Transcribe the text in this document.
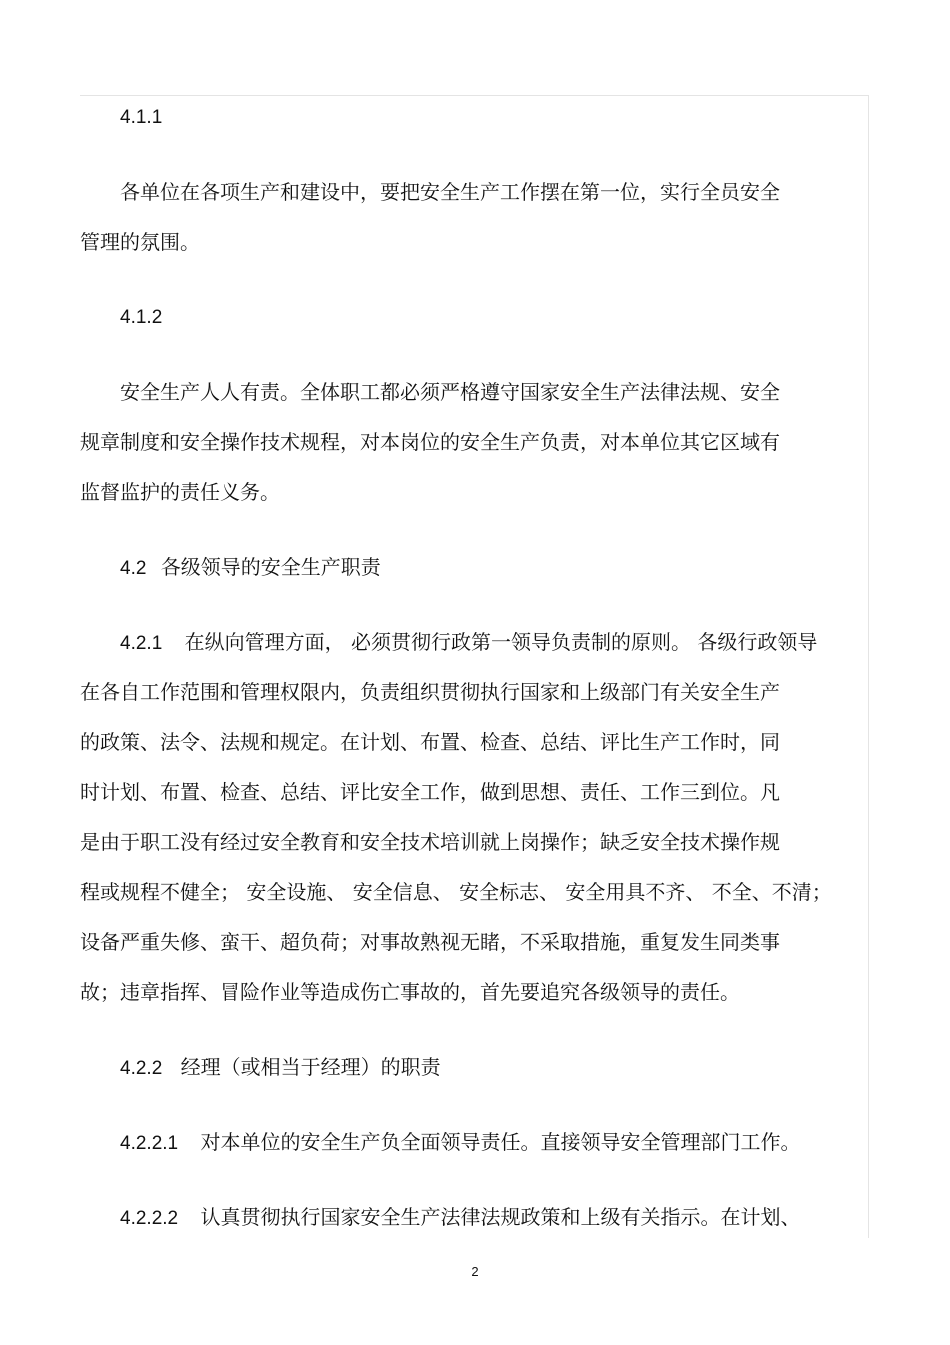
4.1.1
各单位在各项生产和建设中，要把安全生产工作摆在第一位，实行全员安全
管理的氛围。
4.1.2
安全生产人人有责。全体职工都必须严格遵守国家安全生产法律法规、安全
规章制度和安全操作技术规程，对本岗位的安全生产负责，对本单位其它区域有
监督监护的责任义务。
4.2 各级领导的安全生产职责
4.2.1 在纵向管理方面， 必须贯彻行政第一领导负责制的原则。 各级行政领导
在各自工作范围和管理权限内，负责组织贯彻执行国家和上级部门有关安全生产
的政策、法令、法规和规定。在计划、布置、检查、总结、评比生产工作时，同
时计划、布置、检查、总结、评比安全工作，做到思想、责任、工作三到位。凡
是由于职工没有经过安全教育和安全技术培训就上岗操作；缺乏安全技术操作规
程或规程不健全； 安全设施、 安全信息、 安全标志、 安全用具不齐、 不全、不清；
设备严重失修、蛮干、超负荷；对事故熟视无睹，不采取措施，重复发生同类事
故；违章指挥、冒险作业等造成伤亡事故的，首先要追究各级领导的责任。
4.2.2 经理（或相当于经理）的职责
4.2.2.1 对本单位的安全生产负全面领导责任。直接领导安全管理部门工作。
4.2.2.2 认真贯彻执行国家安全生产法律法规政策和上级有关指示。在计划、
2
